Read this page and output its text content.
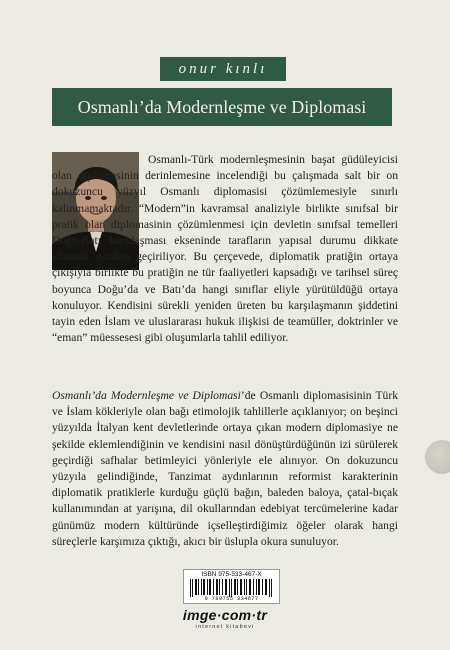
onur kınlı
Osmanlı’da Modernleşme ve Diplomasi

Osmanlı-Türk modernleşmesinin başat güdüleyicisi olan diplomasinin derinlemesine incelendiği bu çalışmada salt bir on dokuzuncu yüzyıl Osmanlı diplomasisi çözümlemesiyle sınırlı kalınmamaktadır. “Modern”in kavramsal analiziyle birlikte sınıfsal bir pratik olan diplomasinin çözümlenmesi için devletin sınıfsal temelleri Doğu-Batı karşılaşması ekseninde tarafların yapısal durumu dikkate alınarak gözden geçiriliyor. Bu çerçevede, diplomatik pratiğin ortaya çıkışıyla birlikte bu pratiğin ne tür faaliyetleri kapsadığı ve tarihsel süreç boyunca Doğu’da ve Batı’da hangi sınıflar eliyle yürütüldüğü ortaya konuluyor. Kendisini sürekli yeniden üreten bu karşılaşmanın şiddetini tayin eden İslam ve uluslararası hukuk ilişkisi de teamüller, doktrinler ve “eman” müessesesi gibi oluşumlarla tahlil ediliyor.

Osmanlı’da Modernleşme ve Diplomasi’de Osmanlı diplomasisinin Türk ve İslam kökleriyle olan bağı etimolojik tahlillerle açıklanıyor; on beşinci yüzyılda İtalyan kent devletlerinde ortaya çıkan modern diplomasiye ne şekilde eklemlendiğinin ve kendisini nasıl dönüştürdüğünün izi sürülerek geçirdiği safhalar betimleyici yönleriyle ele alınıyor. On dokuzuncu yüzyıla gelindiğinde, Tanzimat aydınlarının reformist karakterinin diplomatik pratiklerle kurduğu güçlü bağın, baleden baloya, çatal-bıçak kullanımından at yarışına, dil okullarından edebiyat tercümelerine kadar günümüz modern kültüründe içselleştirdiğimiz öğeler olarak hangi süreçlerle karşımıza çıktığı, akıcı bir üslupla okura sunuluyor.

ISBN 975-533-467-X
9 789755 334677
imge·com·tr
internet kitabevi
